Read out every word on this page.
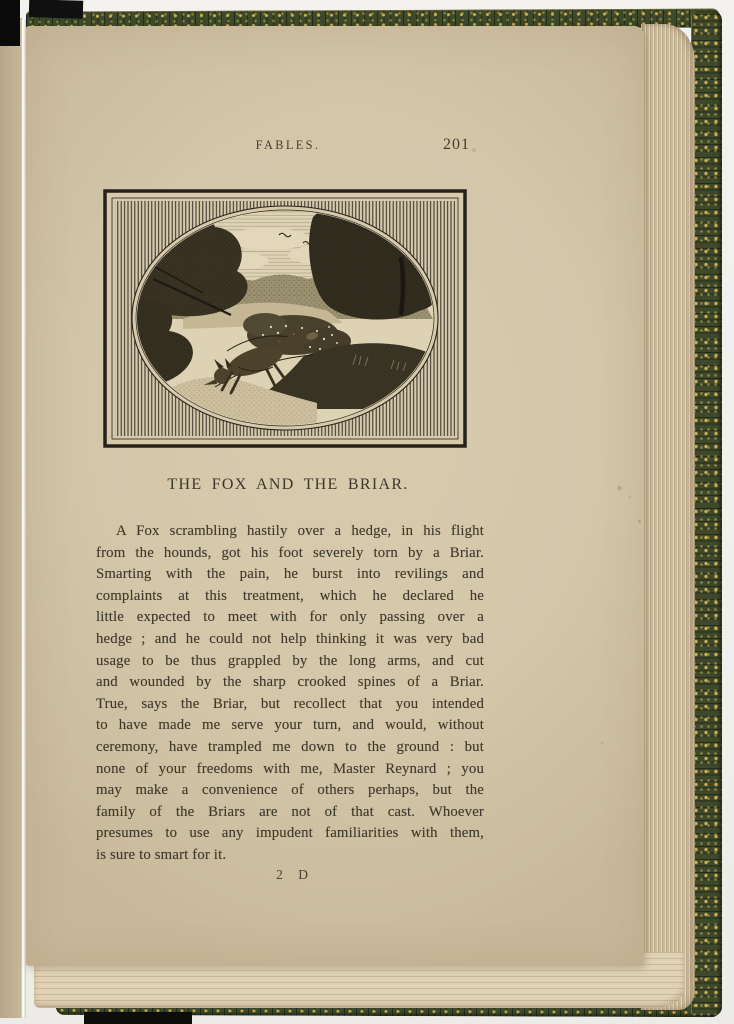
FABLES.	201
THE FOX AND THE BRIAR.
A Fox scrambling hastily over a hedge, in his flight
from the hounds, got his foot severely torn by a Briar.
Smarting with the pain, he burst into revilings and
complaints at this treatment, which he declared he
little expected to meet with for only passing over a
hedge ; and he could not help thinking it was very bad
usage to be thus grappled by the long arms, and cut
and wounded by the sharp crooked spines of a Briar.
True, says the Briar, but recollect that you intended
to have made me serve your turn, and would, without
ceremony, have trampled me down to the ground : but
none of your freedoms with me, Master Reynard ; you
may make a convenience of others perhaps, but the
family of the Briars are not of that cast. Whoever
presumes to use any impudent familiarities with them,
is sure to smart for it.
2 D
